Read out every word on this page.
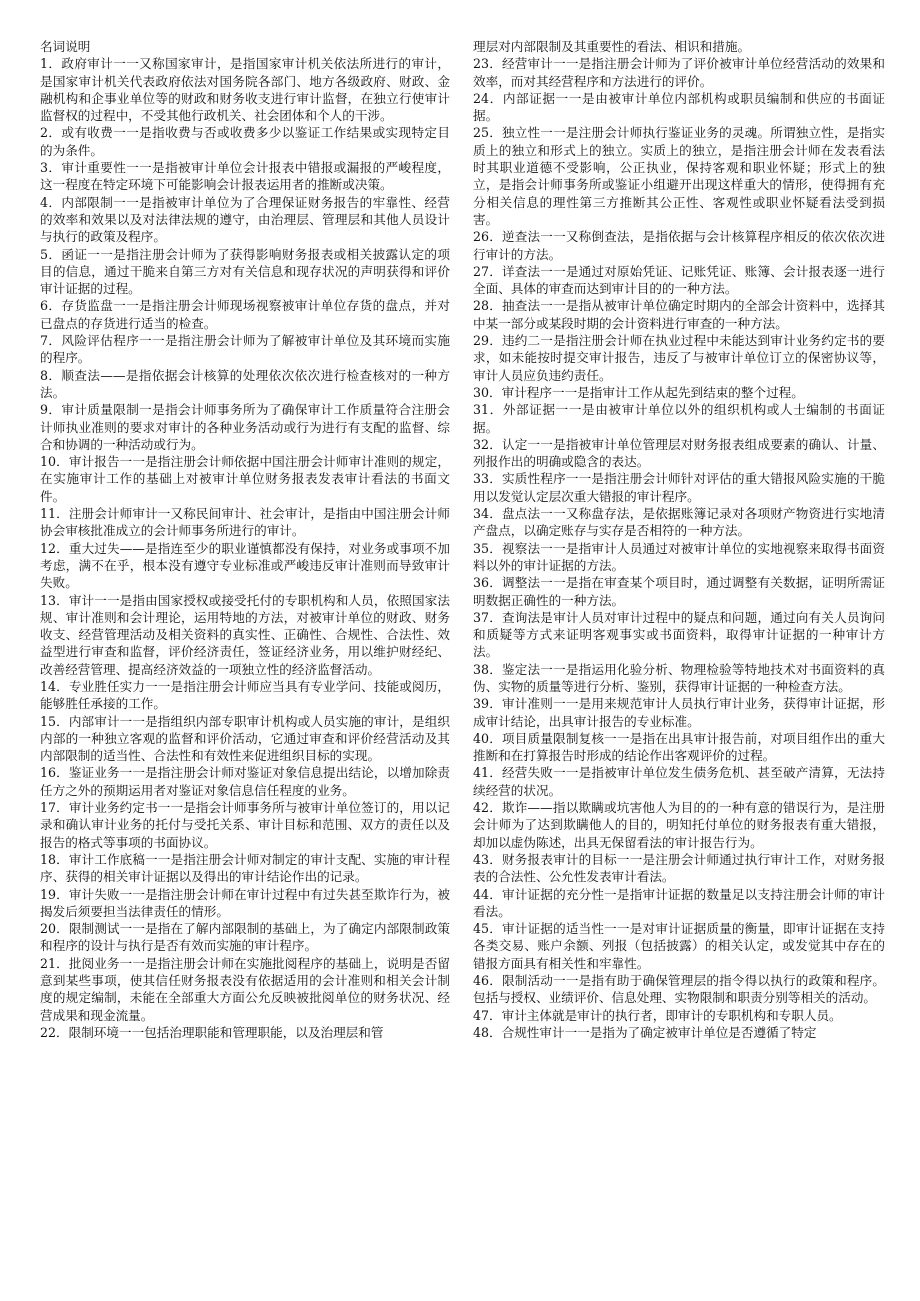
名词说明

1．政府审计一一又称国家审计，是指国家审计机关依法所进行的审计，是国家审计机关代表政府依法对国务院各部门、地方各级政府、财政、金融机构和企事业单位等的财政和财务收支进行审计监督，在独立行使审计监督权的过程中，不受其他行政机关、社会团体和个人的干涉。

2．或有收费一一是指收费与否或收费多少以鉴证工作结果或实现特定目的为条件。

3．审计重要性一一是指被审计单位会计报表中错报或漏报的严峻程度，这一程度在特定环境下可能影响会计报表运用者的推断或决策。

4．内部限制一一是指被审计单位为了合理保证财务报告的牢靠性、经营的效率和效果以及对法律法规的遵守，由治理层、管理层和其他人员设计与执行的政策及程序。

5．函证一一是指注册会计师为了获得影响财务报表或相关披露认定的项目的信息，通过干脆来自第三方对有关信息和现存状况的声明获得和评价审计证据的过程。

6．存货监盘一一是指注册会计师现场视察被审计单位存货的盘点，并对已盘点的存货进行适当的检查。

7．风险评估程序一一是指注册会计师为了解被审计单位及其环境而实施的程序。

8．顺查法——是指依据会计核算的处理依次依次进行检查核对的一种方法。

9．审计质量限制一是指会计师事务所为了确保审计工作质量符合注册会计师执业准则的要求对审计的各种业务活动或行为进行有支配的监督、综合和协调的一种活动或行为。

10．审计报告一一是指注册会计师依据中国注册会计师审计准则的规定，在实施审计工作的基础上对被审计单位财务报表发表审计看法的书面文件。

11．注册会计师审计一又称民间审计、社会审计，是指由中国注册会计师协会审核批准成立的会计师事务所进行的审计。

12．重大过失——是指连至少的职业谨慎都没有保持，对业务或事项不加考虑，满不在乎，根本没有遵守专业标准或严峻违反审计准则而导致审计失败。

13．审计一一是指由国家授权或接受托付的专职机构和人员，依照国家法规、审计准则和会计理论，运用特地的方法，对被审计单位的财政、财务收支、经营管理活动及相关资料的真实性、正确性、合规性、合法性、效益型进行审查和监督，评价经济责任，签证经济业务，用以维护财经纪、改善经营管理、提高经济效益的一项独立性的经济监督活动。

14．专业胜任实力一一是指注册会计师应当具有专业学问、技能或阅历，能够胜任承接的工作。

15．内部审计一一是指组织内部专职审计机构或人员实施的审计，是组织内部的一种独立客观的监督和评价活动，它通过审查和评价经营活动及其内部限制的适当性、合法性和有效性来促进组织目标的实现。

16．鉴证业务一一是指注册会计师对鉴证对象信息提出结论，以增加除责任方之外的预期运用者对鉴证对象信息信任程度的业务。

17．审计业务约定书一一是指会计师事务所与被审计单位签订的，用以记录和确认审计业务的托付与受托关系、审计目标和范围、双方的责任以及报告的格式等事项的书面协议。

18．审计工作底稿一一是指注册会计师对制定的审计支配、实施的审计程序、获得的相关审计证据以及得出的审计结论作出的记录。

19．审计失败一一是指注册会计师在审计过程中有过失甚至欺诈行为，被揭发后须要担当法律责任的情形。

20．限制测试一一是指在了解内部限制的基础上，为了确定内部限制政策和程序的设计与执行是否有效而实施的审计程序。

21．批阅业务一一是指注册会计师在实施批阅程序的基础上，说明是否留意到某些事项，使其信任财务报表没有依据适用的会计准则和相关会计制度的规定编制，未能在全部重大方面公允反映被批阅单位的财务状况、经营成果和现金流量。

22．限制环境一一包括治理职能和管理职能，以及治理层和管

理层对内部限制及其重要性的看法、相识和措施。

23．经营审计一一是指注册会计师为了评价被审计单位经营活动的效果和效率，而对其经营程序和方法进行的评价。

24．内部证据一一是由被审计单位内部机构或职员编制和供应的书面证据。

25．独立性一一是注册会计师执行鉴证业务的灵魂。所谓独立性，是指实质上的独立和形式上的独立。实质上的独立，是指注册会计师在发表看法时其职业道德不受影响，公正执业，保持客观和职业怀疑；形式上的独立，是指会计师事务所或鉴证小组避开出现这样重大的情形，使得拥有充分相关信息的理性第三方推断其公正性、客观性或职业怀疑看法受到损害。

26．逆查法一一又称倒查法，是指依据与会计核算程序相反的依次依次进行审计的方法。

27．详查法一一是通过对原始凭证、记账凭证、账簿、会计报表逐一进行全面、具体的审查而达到审计目的的一种方法。

28．抽查法一一是指从被审计单位确定时期内的全部会计资料中，选择其中某一部分或某段时期的会计资料进行审查的一种方法。

29．违约二一是指注册会计师在执业过程中未能达到审计业务约定书的要求，如未能按时提交审计报告，违反了与被审计单位订立的保密协议等，审计人员应负违约责任。

30．审计程序一一是指审计工作从起先到结束的整个过程。

31．外部证据一一是由被审计单位以外的组织机构或人士编制的书面证据。

32．认定一一是指被审计单位管理层对财务报表组成要素的确认、计量、列报作出的明确或隐含的表达。

33．实质性程序一一是指注册会计师针对评估的重大错报风险实施的干脆用以发觉认定层次重大错报的审计程序。

34．盘点法一一又称盘存法，是依据账簿记录对各项财产物资进行实地清产盘点，以确定账存与实存是否相符的一种方法。

35．视察法一一是指审计人员通过对被审计单位的实地视察来取得书面资料以外的审计证据的方法。

36．调整法一一是指在审查某个项目时，通过调整有关数据，证明所需证明数据正确性的一种方法。

37．查询法是审计人员对审计过程中的疑点和问题，通过向有关人员询问和质疑等方式来证明客观事实或书面资料，取得审计证据的一种审计方法。

38．鉴定法一一是指运用化验分析、物理检验等特地技术对书面资料的真伪、实物的质量等进行分析、鉴别，获得审计证据的一种检查方法。

39．审计准则一一是用来规范审计人员执行审计业务，获得审计证据，形成审计结论，出具审计报告的专业标准。

40．项目质量限制复核一一是指在出具审计报告前，对项目组作出的重大推断和在打算报告时形成的结论作出客观评价的过程。

41．经营失败一一是指被审计单位发生债务危机、甚至破产清算，无法持续经营的状况。

42．欺诈——指以欺瞒或坑害他人为目的的一种有意的错误行为，是注册会计师为了达到欺瞒他人的目的，明知托付单位的财务报表有重大错报，却加以虚伪陈述，出具无保留看法的审计报告行为。

43．财务报表审计的目标一一是注册会计师通过执行审计工作，对财务报表的合法性、公允性发表审计看法。

44．审计证据的充分性一是指审计证据的数量足以支持注册会计师的审计看法。

45．审计证据的适当性一一是对审计证据质量的衡量，即审计证据在支持各类交易、账户余额、列报（包括披露）的相关认定，或发觉其中存在的错报方面具有相关性和牢靠性。

46．限制活动一一是指有助于确保管理层的指令得以执行的政策和程序。包括与授权、业绩评价、信息处理、实物限制和职责分别等相关的活动。

47．审计主体就是审计的执行者，即审计的专职机构和专职人员。

48．合规性审计一一是指为了确定被审计单位是否遵循了特定
